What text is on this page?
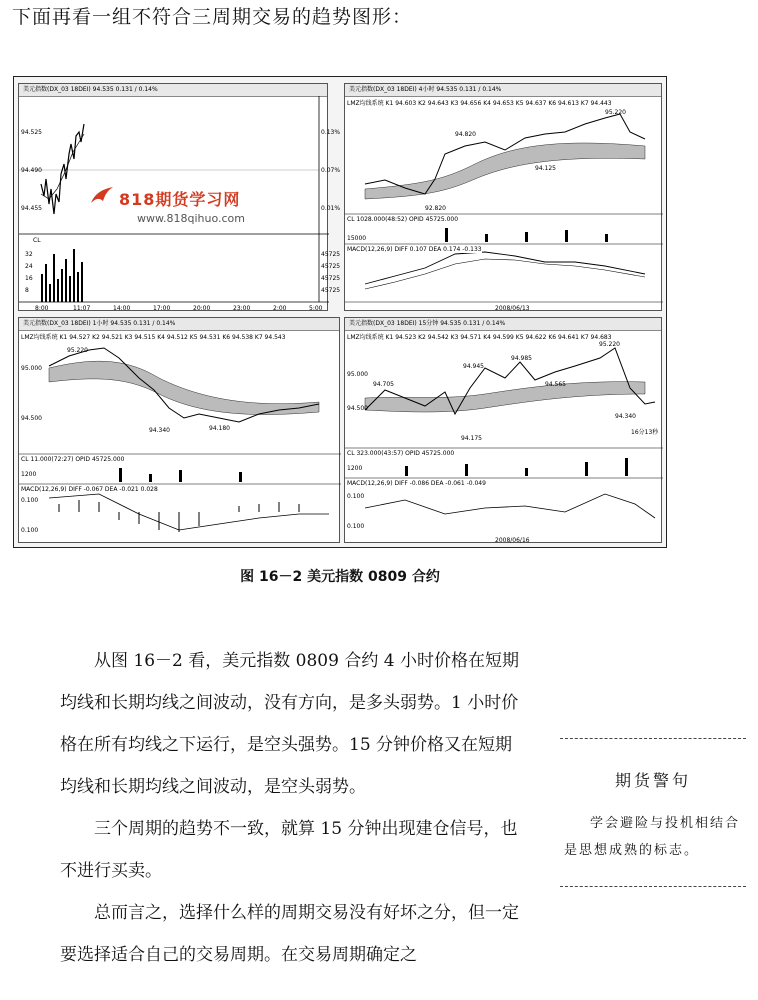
下面再看一组不符合三周期交易的趋势图形：

美元指数(DX_03 18DEI) 94.535 0.131 / 0.14%
94.525
94.490
94.455
0.13%
0.07%
0.01%
CL
32
24
16
8
45725
45725
45725
45725
8:00	11:07	14:00	17:00	20:00	23:00	2:00	5:00
美元指数(DX_03 18DEI) 4小时 94.535 0.131 / 0.14%
95.220
94.820
94.125
92.820
15000
2008/06/13
LMZ均线系统 K1 94.603 K2 94.643 K3 94.656 K4 94.653 K5 94.637 K6 94.613 K7 94.443
CL 1028.000(48:52) OPID 45725.000
MACD(12,26,9) DIFF 0.107 DEA 0.174 -0.133
美元指数(DX_03 18DEI) 1小时 94.535 0.131 / 0.14%
95.220
94.340	94.180
95.000
94.500
1200
0.100
0.100
LMZ均线系统 K1 94.527 K2 94.521 K3 94.515 K4 94.512 K5 94.531 K6 94.538 K7 94.543
CL 11.000(72:27) OPID 45725.000
MACD(12,26,9) DIFF -0.067 DEA -0.021 0.028
美元指数(DX_03 18DEI) 15分钟 94.535 0.131 / 0.14%
95.220
94.945
94.985
94.705	94.565
94.340
94.175
95.000
94.500
16分13秒
1200
0.100
0.100
2008/06/16
LMZ均线系统 K1 94.523 K2 94.542 K3 94.571 K4 94.599 K5 94.622 K6 94.641 K7 94.683
CL 323.000(43:57) OPID 45725.000
MACD(12,26,9) DIFF -0.086 DEA -0.061 -0.049
818期货学习网
www.818qihuo.com
图 16－2 美元指数 0809 合约

从图 16－2 看，美元指数 0809 合约 4 小时价格在短期均线和长期均线之间波动，没有方向，是多头弱势。1 小时价格在所有均线之下运行，是空头强势。15 分钟价格又在短期均线和长期均线之间波动，是空头弱势。

三个周期的趋势不一致，就算 15 分钟出现建仓信号，也不进行买卖。

总而言之，选择什么样的周期交易没有好坏之分，但一定要选择适合自己的交易周期。在交易周期确定之

期货警句
学会避险与投机相结合是思想成熟的标志。
